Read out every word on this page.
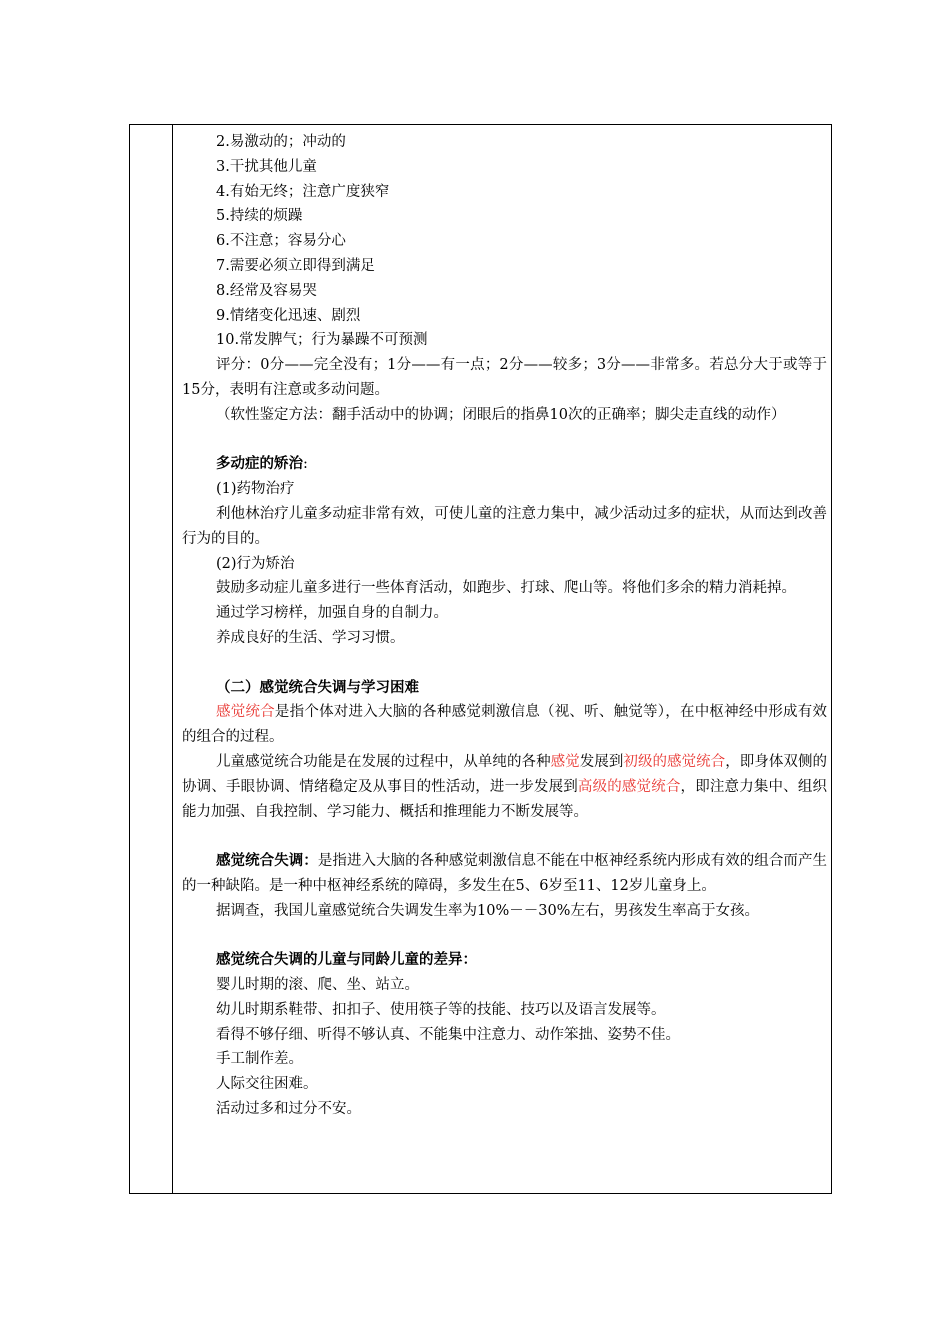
2.易激动的；冲动的

3.干扰其他儿童

4.有始无终；注意广度狭窄

5.持续的烦躁

6.不注意；容易分心

7.需要必须立即得到满足

8.经常及容易哭

9.情绪变化迅速、剧烈

10.常发脾气；行为暴躁不可预测

评分：0分——完全没有；1分——有一点；2分——较多；3分——非常多。若总分大于或等于15分，表明有注意或多动问题。

（软性鉴定方法：翻手活动中的协调；闭眼后的指鼻10次的正确率；脚尖走直线的动作）

多动症的矫治:

(1)药物治疗

利他林治疗儿童多动症非常有效，可使儿童的注意力集中，减少活动过多的症状，从而达到改善行为的目的。

(2)行为矫治

鼓励多动症儿童多进行一些体育活动，如跑步、打球、爬山等。将他们多余的精力消耗掉。

通过学习榜样，加强自身的自制力。

养成良好的生活、学习习惯。

（二）感觉统合失调与学习困难

感觉统合是指个体对进入大脑的各种感觉刺激信息（视、听、触觉等），在中枢神经中形成有效的组合的过程。

儿童感觉统合功能是在发展的过程中，从单纯的各种感觉发展到初级的感觉统合，即身体双侧的协调、手眼协调、情绪稳定及从事目的性活动，进一步发展到高级的感觉统合，即注意力集中、组织能力加强、自我控制、学习能力、概括和推理能力不断发展等。

感觉统合失调：是指进入大脑的各种感觉刺激信息不能在中枢神经系统内形成有效的组合而产生的一种缺陷。是一种中枢神经系统的障碍，多发生在5、6岁至11、12岁儿童身上。

据调查，我国儿童感觉统合失调发生率为10%－－30%左右，男孩发生率高于女孩。

感觉统合失调的儿童与同龄儿童的差异：

婴儿时期的滚、爬、坐、站立。

幼儿时期系鞋带、扣扣子、使用筷子等的技能、技巧以及语言发展等。

看得不够仔细、听得不够认真、不能集中注意力、动作笨拙、姿势不佳。

手工制作差。

人际交往困难。

活动过多和过分不安。
